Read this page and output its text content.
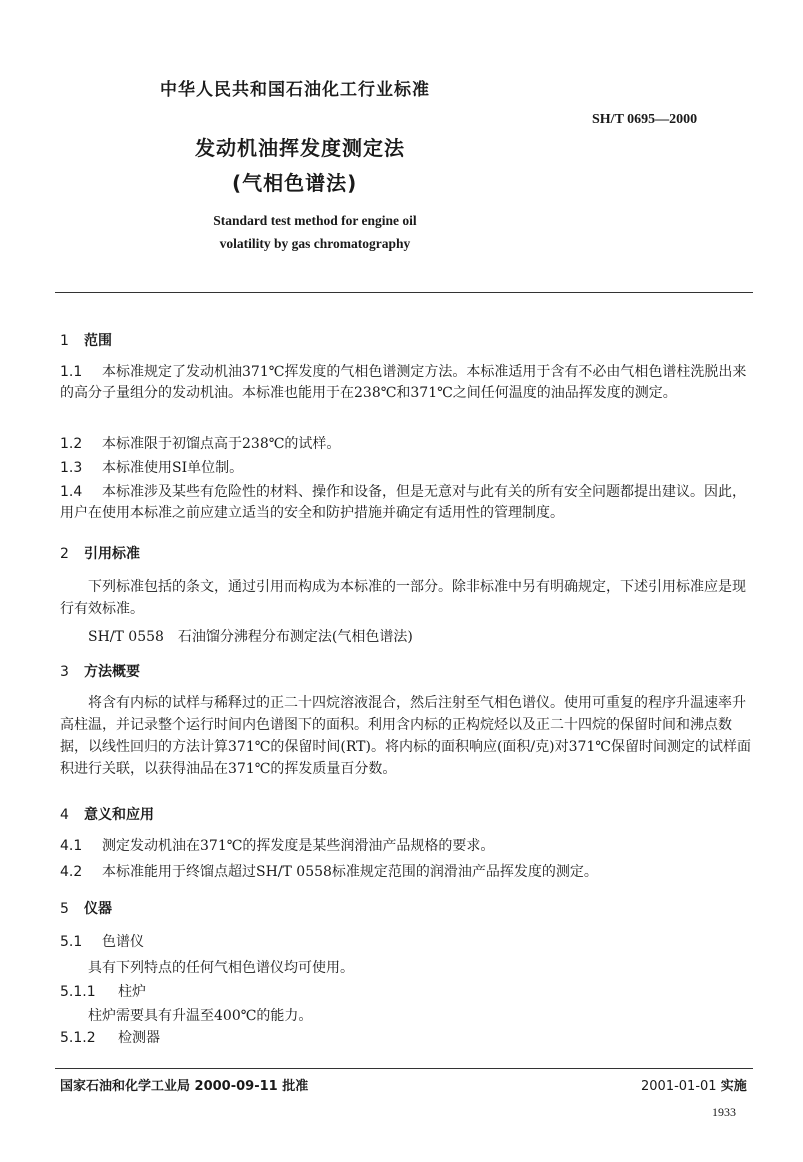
中华人民共和国石油化工行业标准
SH/T 0695—2000
发动机油挥发度测定法
(气相色谱法)
Standard test method for engine oil
volatility by gas chromatography
1 范围
1.1 本标准规定了发动机油371℃挥发度的气相色谱测定方法。本标准适用于含有不必由气相色谱柱洗脱出来的高分子量组分的发动机油。本标准也能用于在238℃和371℃之间任何温度的油品挥发度的测定。
1.2 本标准限于初馏点高于238℃的试样。
1.3 本标准使用SI单位制。
1.4 本标准涉及某些有危险性的材料、操作和设备，但是无意对与此有关的所有安全问题都提出建议。因此，用户在使用本标准之前应建立适当的安全和防护措施并确定有适用性的管理制度。
2 引用标准
下列标准包括的条文，通过引用而构成为本标准的一部分。除非标准中另有明确规定，下述引用标准应是现行有效标准。
SH/T 0558　石油馏分沸程分布测定法(气相色谱法)
3 方法概要
将含有内标的试样与稀释过的正二十四烷溶液混合，然后注射至气相色谱仪。使用可重复的程序升温速率升高柱温，并记录整个运行时间内色谱图下的面积。利用含内标的正构烷烃以及正二十四烷的保留时间和沸点数据，以线性回归的方法计算371℃的保留时间(RT)。将内标的面积响应(面积/克)对371℃保留时间测定的试样面积进行关联，以获得油品在371℃的挥发质量百分数。
4 意义和应用
4.1 测定发动机油在371℃的挥发度是某些润滑油产品规格的要求。
4.2 本标准能用于终馏点超过SH/T 0558标准规定范围的润滑油产品挥发度的测定。
5 仪器
5.1 色谱仪
具有下列特点的任何气相色谱仪均可使用。
5.1.1 柱炉
柱炉需要具有升温至400℃的能力。
5.1.2 检测器
国家石油和化学工业局 2000-09-11 批准	2001-01-01 实施
1933
